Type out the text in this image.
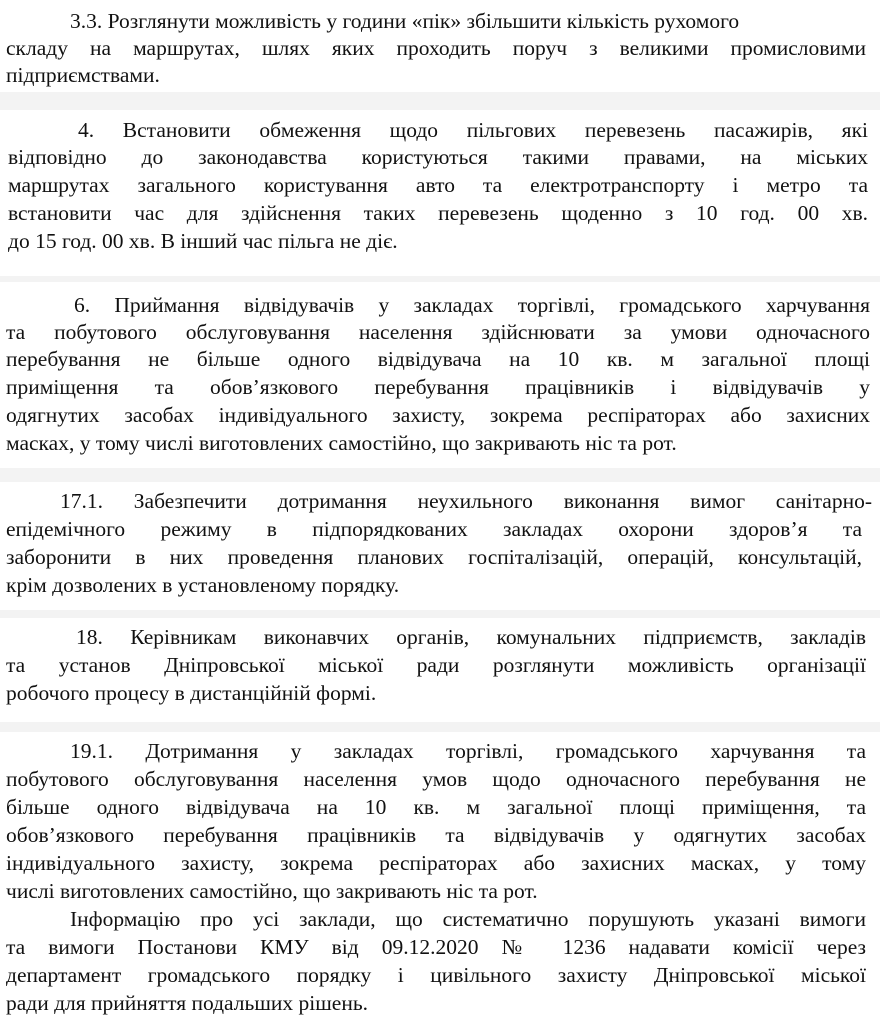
3.3. Розглянути можливість у години «пік» збільшити кількість рухомого
складу на маршрутах, шлях яких проходить поруч з великими промисловими
підприємствами.
4. Встановити обмеження щодо пільгових перевезень пасажирів, які
відповідно до законодавства користуються такими правами, на міських
маршрутах загального користування авто та електротранспорту і метро та
встановити час для здійснення таких перевезень щоденно з 10 год. 00 хв.
до 15 год. 00 хв. В інший час пільга не діє.
6. Приймання відвідувачів у закладах торгівлі, громадського харчування
та побутового обслуговування населення здійснювати за умови одночасного
перебування не більше одного відвідувача на 10 кв. м загальної площі
приміщення та обов’язкового перебування працівників і відвідувачів у
одягнутих засобах індивідуального захисту, зокрема респіраторах або захисних
масках, у тому числі виготовлених самостійно, що закривають ніс та рот.
17.1. Забезпечити дотримання неухильного виконання вимог санітарно-
епідемічного режиму в підпорядкованих закладах охорони здоров’я та
заборонити в них проведення планових госпіталізацій, операцій, консультацій,
крім дозволених в установленому порядку.
18. Керівникам виконавчих органів, комунальних підприємств, закладів
та установ Дніпровської міської ради розглянути можливість організації
робочого процесу в дистанційній формі.
19.1. Дотримання у закладах торгівлі, громадського харчування та
побутового обслуговування населення умов щодо одночасного перебування не
більше одного відвідувача на 10 кв. м загальної площі приміщення, та
обов’язкового перебування працівників та відвідувачів у одягнутих засобах
індивідуального захисту, зокрема респіраторах або захисних масках, у тому
числі виготовлених самостійно, що закривають ніс та рот.
Інформацію про усі заклади, що систематично порушують указані вимоги
та вимоги Постанови КМУ від 09.12.2020 № 1236 надавати комісії через
департамент громадського порядку і цивільного захисту Дніпровської міської
ради для прийняття подальших рішень.
